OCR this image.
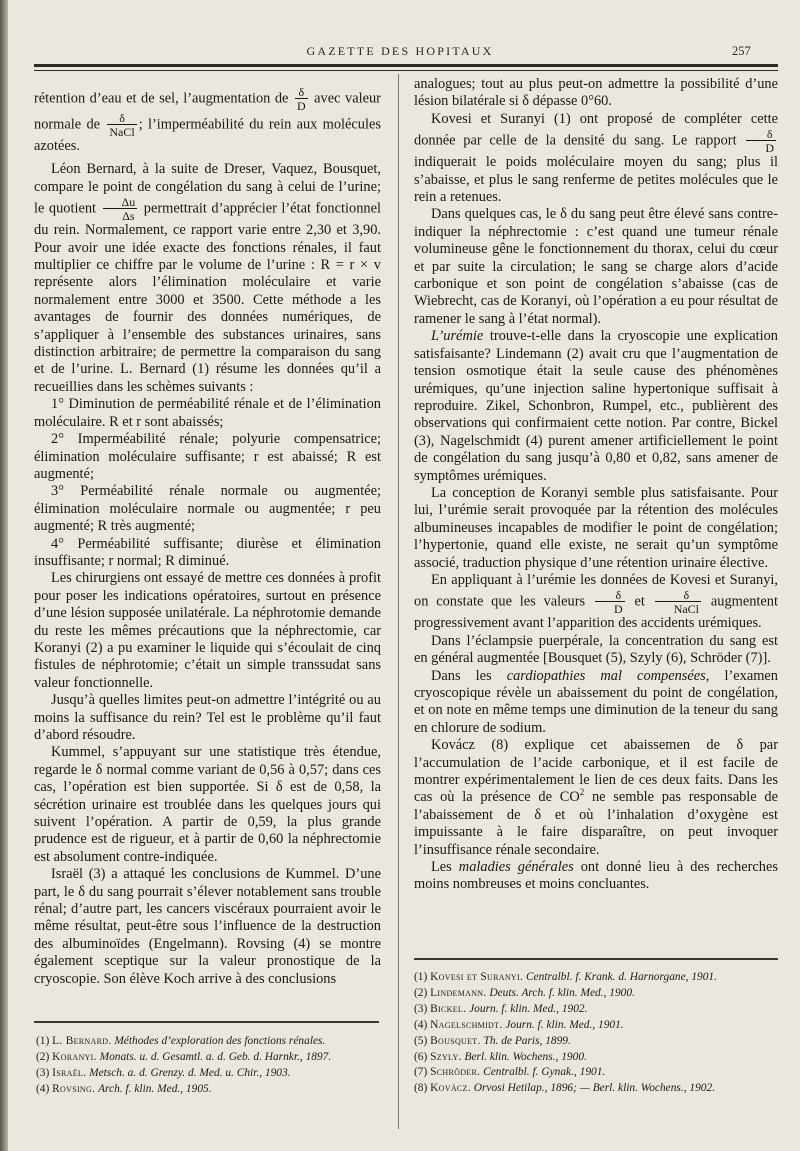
GAZETTE DES HOPITAUX	257

rétention d’eau et de sel, l’augmentation de $\frac{\delta}{D}$ avec valeur normale de $\frac{\delta}{\text{NaCl}}$ ; l’imperméabilité du rein aux molécules azotées.

Léon Bernard, à la suite de Dreser, Vaquez, Bousquet, compare le point de congélation du sang à celui de l’urine; le quotient $\frac{\Delta u}{\Delta s}$ permettrait d’apprécier l’état fonctionnel du rein. Normalement, ce rapport varie entre 2,30 et 3,90. Pour avoir une idée exacte des fonctions rénales, il faut multiplier ce chiffre par le volume de l’urine : R = r × v représente alors l’élimination moléculaire et varie normalement entre 3000 et 3500. Cette méthode a les avantages de fournir des données numériques, de s’appliquer à l’ensemble des substances urinaires, sans distinction arbitraire; de permettre la comparaison du sang et de l’urine. L. Bernard (1) résume les données qu’il a recueillies dans les schèmes suivants :

1° Diminution de perméabilité rénale et de l’élimination moléculaire. R et r sont abaissés;

2° Imperméabilité rénale; polyurie compensatrice; élimination moléculaire suffisante; r est abaissé; R est augmenté;

3° Perméabilité rénale normale ou augmentée; élimination moléculaire normale ou augmentée; r peu augmenté; R très augmenté;

4° Perméabilité suffisante; diurèse et élimination insuffisante; r normal; R diminué.

Les chirurgiens ont essayé de mettre ces données à profit pour poser les indications opératoires, surtout en présence d’une lésion supposée unilatérale. La néphrotomie demande du reste les mêmes précautions que la néphrectomie, car Koranyi (2) a pu examiner le liquide qui s’écoulait de cinq fistules de néphrotomie; c’était un simple transsudat sans valeur fonctionnelle.

Jusqu’à quelles limites peut-on admettre l’intégrité ou au moins la suffisance du rein? Tel est le problème qu’il faut d’abord résoudre.

Kummel, s’appuyant sur une statistique très étendue, regarde le δ normal comme variant de 0,56 à 0,57; dans ces cas, l’opération est bien supportée. Si δ est de 0,58, la sécrétion urinaire est troublée dans les quelques jours qui suivent l’opération. A partir de 0,59, la plus grande prudence est de rigueur, et à partir de 0,60 la néphrectomie est absolument contre-indiquée.

Israël (3) a attaqué les conclusions de Kummel. D’une part, le δ du sang pourrait s’élever notablement sans trouble rénal; d’autre part, les cancers viscéraux pourraient avoir le même résultat, peut-être sous l’influence de la destruction des albuminoïdes (Engelmann). Rovsing (4) se montre également sceptique sur la valeur pronostique de la cryoscopie. Son élève Koch arrive à des conclusions

(1) L. Bernard. Méthodes d’exploration des fonctions rénales.
(2) Koranyi. Monats. u. d. Gesamtl. a. d. Geb. d. Harnkr., 1897.
(3) Israël. Metsch. a. d. Grenzy. d. Med. u. Chir., 1903.
(4) Rovsing. Arch. f. klin. Med., 1905.

analogues; tout au plus peut-on admettre la possibilité d’une lésion bilatérale si δ dépasse 0°60.

Kovesi et Suranyi (1) ont proposé de compléter cette donnée par celle de la densité du sang. Le rapport $\frac{\delta}{D}$
indiquerait le poids moléculaire moyen du sang; plus il s’abaisse, et plus le sang renferme de petites molécules que le rein a retenues.

Dans quelques cas, le δ du sang peut être élevé sans contre-indiquer la néphrectomie : c’est quand une tumeur rénale volumineuse gêne le fonctionnement du thorax, celui du cœur et par suite la circulation; le sang se charge alors d’acide carbonique et son point de congélation s’abaisse (cas de Wiebrecht, cas de Koranyi, où l’opération a eu pour résultat de ramener le sang à l’état normal).

L’urémie trouve-t-elle dans la cryoscopie une explication satisfaisante? Lindemann (2) avait cru que l’augmentation de tension osmotique était la seule cause des phénomènes urémiques, qu’une injection saline hypertonique suffisait à reproduire. Zikel, Schonbron, Rumpel, etc., publièrent des observations qui confirmaient cette notion. Par contre, Bickel (3), Nagelschmidt (4) purent amener artificiellement le point de congélation du sang jusqu’à 0,80 et 0,82, sans amener de symptômes urémiques.

La conception de Koranyi semble plus satisfaisante. Pour lui, l’urémie serait provoquée par la rétention des molécules albumineuses incapables de modifier le point de congélation; l’hypertonie, quand elle existe, ne serait qu’un symptôme associé, traduction physique d’une rétention urinaire élective.

En appliquant à l’urémie les données de Kovesi et Suranyi, on constate que les valeurs $\frac{\delta}{D}$ et $\frac{\delta}{\text{NaCl}}$ augmentent progressivement avant l’apparition des accidents urémiques.

Dans l’éclampsie puerpérale, la concentration du sang est en général augmentée [Bousquet (5), Szyly (6), Schröder (7)].

Dans les cardiopathies mal compensées, l’examen cryoscopique révèle un abaissement du point de congélation, et on note en même temps une diminution de la teneur du sang en chlorure de sodium.

Kovácz (8) explique cet abaissemen de δ par l’accumulation de l’acide carbonique, et il est facile de montrer expérimentalement le lien de ces deux faits. Dans les cas où la présence de $CO^2$ ne semble pas responsable de l’abaissement de δ et où l’inhalation d’oxygène est impuissante à le faire disparaître, on peut invoquer l’insuffisance rénale secondaire.

Les maladies générales ont donné lieu à des recherches moins nombreuses et moins concluantes.

(1) Kovesi et Suranyi. Centralbl. f. Krank. d. Harnorgane, 1901.
(2) Lindemann. Deuts. Arch. f. klin. Med., 1900.
(3) Bickel. Journ. f. klin. Med., 1902.
(4) Nagelschmidt. Journ. f. klin. Med., 1901.
(5) Bousquet. Th. de Paris, 1899.
(6) Szyly. Berl. klin. Wochens., 1900.
(7) Schröder. Centralbl. f. Gynak., 1901.
(8) Kovácz. Orvosi Hetilap., 1896; — Berl. klin. Wochens., 1902.
